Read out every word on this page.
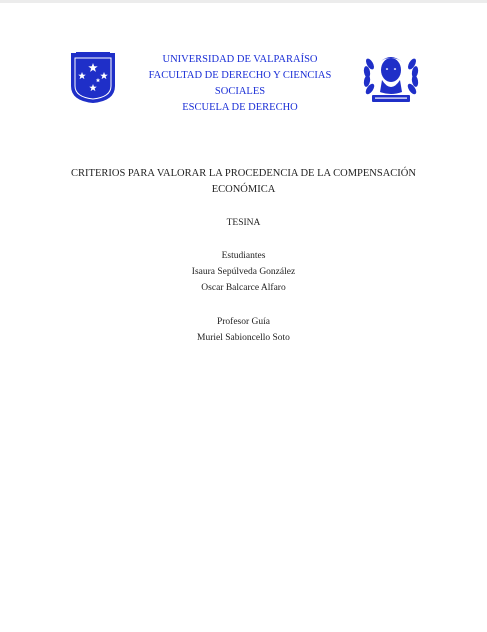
UNIVERSIDAD DE VALPARAÍSO
FACULTAD DE DERECHO Y CIENCIAS
SOCIALES
ESCUELA DE DERECHO
CRITERIOS PARA VALORAR LA PROCEDENCIA DE LA COMPENSACIÓN
ECONÓMICA
TESINA
Estudiantes
Isaura Sepúlveda González
Oscar Balcarce Alfaro
Profesor Guía
Muriel Sabioncello Soto
